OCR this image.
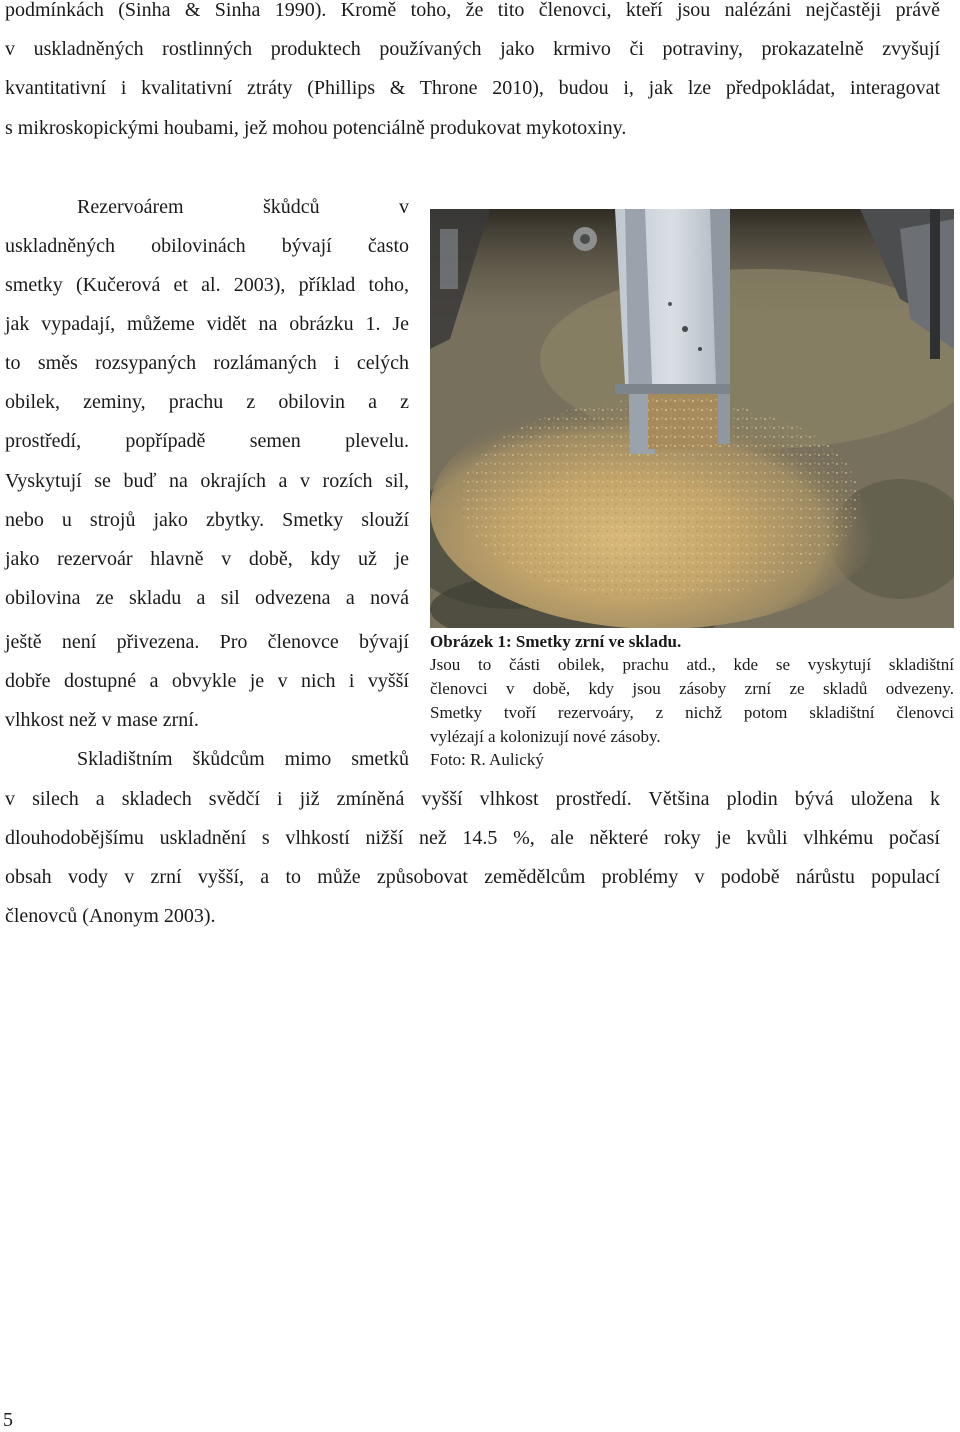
podmínkách (Sinha & Sinha 1990). Kromě toho, že tito členovci, kteří jsou nalézáni nejčastěji právě
v uskladněných rostlinných produktech používaných jako krmivo či potraviny, prokazatelně zvyšují
kvantitativní i kvalitativní ztráty (Phillips & Throne 2010), budou i, jak lze předpokládat, interagovat
s mikroskopickými houbami, jež mohou potenciálně produkovat mykotoxiny.
Rezervoárem škůdců v
uskladněných obilovinách bývají často
smetky (Kučerová et al. 2003), příklad toho,
jak vypadají, můžeme vidět na obrázku 1. Je
to směs rozsypaných rozlámaných i celých
obilek, zeminy, prachu z obilovin a z
prostředí, popřípadě semen plevelu.
Vyskytují se buď na okrajích a v rozích sil,
nebo u strojů jako zbytky. Smetky slouží
jako rezervoár hlavně v době, kdy už je
obilovina ze skladu a sil odvezena a nová
ještě není přivezena. Pro členovce bývají
dobře dostupné a obvykle je v nich i vyšší
vlhkost než v mase zrní.
Skladištním škůdcům mimo smetků
Obrázek 1: Smetky zrní ve skladu.
Jsou to části obilek, prachu atd., kde se vyskytují skladištní
členovci v době, kdy jsou zásoby zrní ze skladů odvezeny.
Smetky tvoří rezervoáry, z nichž potom skladištní členovci
vylézají a kolonizují nové zásoby.
Foto: R. Aulický
v silech a skladech svědčí i již zmíněná vyšší vlhkost prostředí. Většina plodin bývá uložena k
dlouhodobějšímu uskladnění s vlhkostí nižší než 14.5 %, ale některé roky je kvůli vlhkému počasí
obsah vody v zrní vyšší, a to může způsobovat zemědělcům problémy v podobě nárůstu populací
členovců (Anonym 2003).
5
